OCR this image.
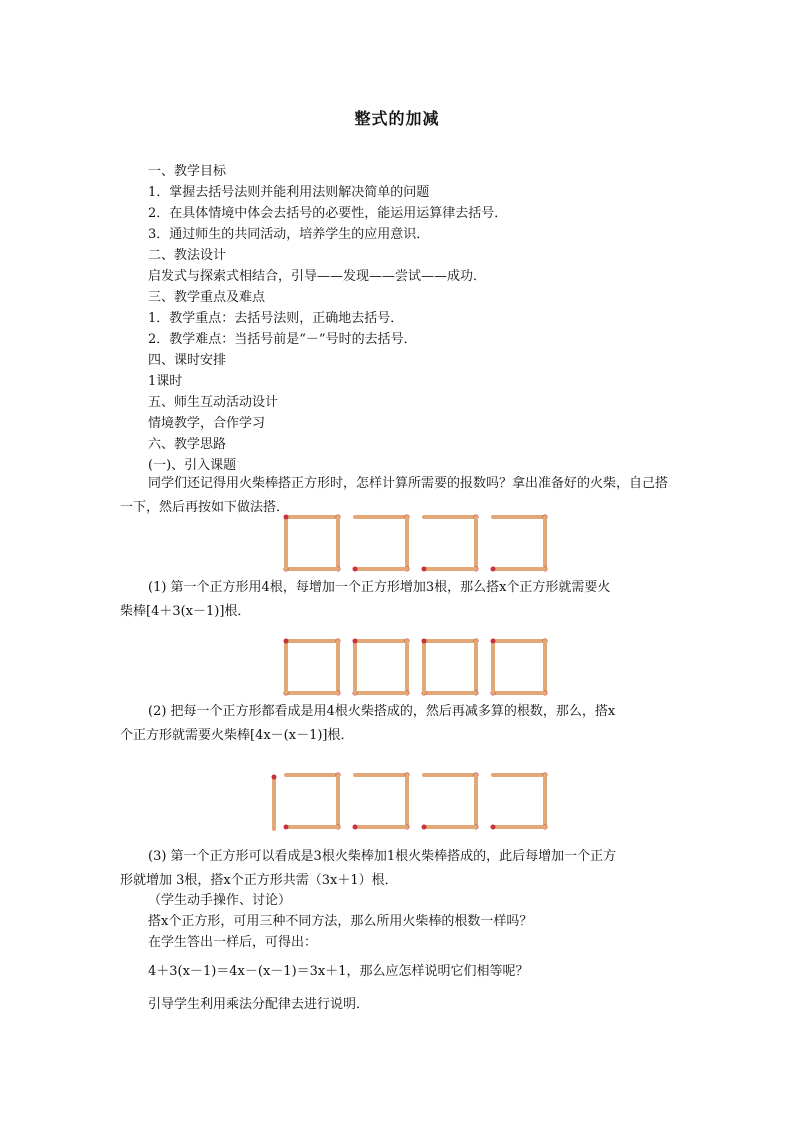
整式的加减
一、教学目标
1．掌握去括号法则并能利用法则解决简单的问题
2．在具体情境中体会去括号的必要性，能运用运算律去括号．
3．通过师生的共同活动，培养学生的应用意识．
二、教法设计
启发式与探索式相结合，引导——发现——尝试——成功．
三、教学重点及难点
1．教学重点：去括号法则，正确地去括号．
2．教学难点：当括号前是“－”号时的去括号．
四、课时安排
1课时
五、师生互动活动设计
情境教学，合作学习
六、教学思路
(一)、引入课题
同学们还记得用火柴棒搭正方形时，怎样计算所需要的报数吗？拿出准备好的火柴，自己搭一下，然后再按如下做法搭．
(1) 第一个正方形用4根，每增加一个正方形增加3根，那么搭x个正方形就需要火
柴棒[4＋3(x－1)]根．
(2) 把每一个正方形都看成是用4根火柴搭成的，然后再减多算的根数，那么，搭x
个正方形就需要火柴棒[4x－(x－1)]根．
(3) 第一个正方形可以看成是3根火柴棒加1根火柴棒搭成的，此后每增加一个正方
形就增加 3根，搭x个正方形共需（3x＋1）根．
（学生动手操作、讨论）
搭x个正方形，可用三种不同方法，那么所用火柴棒的根数一样吗？
在学生答出一样后，可得出：
4＋3(x－1)＝4x－(x－1)＝3x＋1，那么应怎样说明它们相等呢？
引导学生利用乘法分配律去进行说明．
